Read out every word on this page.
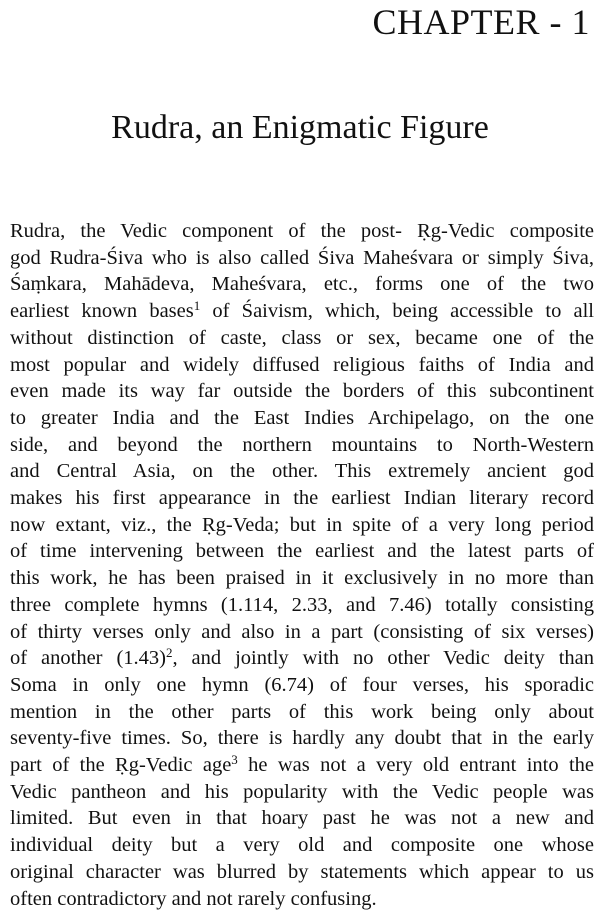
CHAPTER - 1
Rudra, an Enigmatic Figure

Rudra, the Vedic component of the post- Ṛg-Vedic composite
god Rudra-Śiva who is also called Śiva Maheśvara or simply Śiva,
Śaṃkara, Mahādeva, Maheśvara, etc., forms one of the two
earliest known bases$^1$ of Śaivism, which, being accessible to all
without distinction of caste, class or sex, became one of the
most popular and widely diffused religious faiths of India and
even made its way far outside the borders of this subcontinent
to greater India and the East Indies Archipelago, on the one
side, and beyond the northern mountains to North-Western
and Central Asia, on the other. This extremely ancient god
makes his first appearance in the earliest Indian literary record
now extant, viz., the Ṛg-Veda; but in spite of a very long period
of time intervening between the earliest and the latest parts of
this work, he has been praised in it exclusively in no more than
three complete hymns (1.114, 2.33, and 7.46) totally consisting
of thirty verses only and also in a part (consisting of six verses)
of another $(1.43)^2$, and jointly with no other Vedic deity than
Soma in only one hymn (6.74) of four verses, his sporadic
mention in the other parts of this work being only about
seventy-five times. So, there is hardly any doubt that in the early
part of the Ṛg-Vedic age$^3$ he was not a very old entrant into the
Vedic pantheon and his popularity with the Vedic people was
limited. But even in that hoary past he was not a new and
individual deity but a very old and composite one whose
original character was blurred by statements which appear to us
often contradictory and not rarely confusing.
